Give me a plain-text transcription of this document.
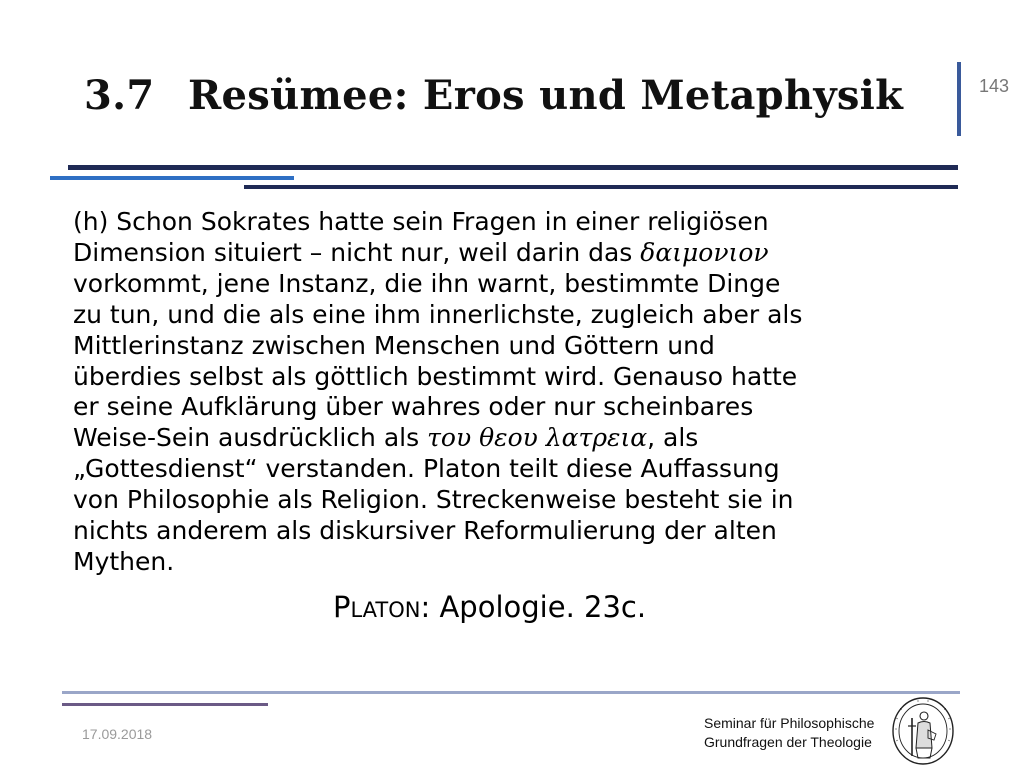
3.7 Resümee: Eros und Metaphysik	143

(h) Schon Sokrates hatte sein Fragen in einer religiösen

Dimension situiert – nicht nur, weil darin das δαιμονιον

vorkommt, jene Instanz, die ihn warnt, bestimmte Dinge

zu tun, und die als eine ihm innerlichste, zugleich aber als

Mittlerinstanz zwischen Menschen und Göttern und

überdies selbst als göttlich bestimmt wird. Genauso hatte

er seine Aufklärung über wahres oder nur scheinbares

Weise-Sein ausdrücklich als του θεου λατρεια, als

„Gottesdienst“ verstanden. Platon teilt diese Auffassung

von Philosophie als Religion. Streckenweise besteht sie in

nichts anderem als diskursiver Reformulierung der alten

Mythen.

PLATON: Apologie. 23c.
17.09.2018
Seminar für Philosophische
Grundfragen der Theologie
